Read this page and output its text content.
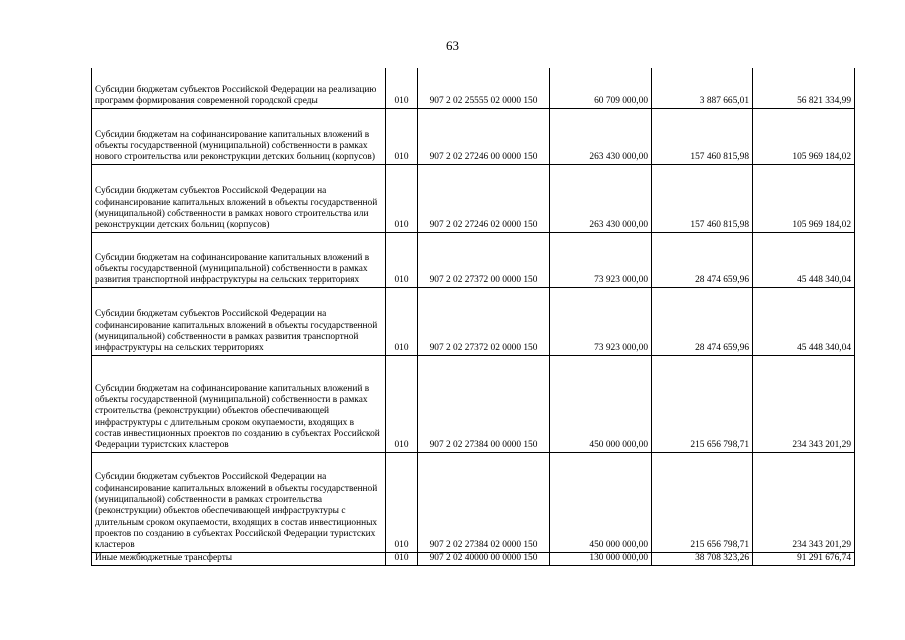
63
Субсидии бюджетам субъектов Российской Федерации на реализацию программ формирования современной городской среды	010	907 2 02 25555 02 0000 150	60 709 000,00	3 887 665,01	56 821 334,99
Субсидии бюджетам на софинансирование капитальных вложений в объекты государственной (муниципальной) собственности в рамках нового строительства или реконструкции детских больниц (корпусов)	010	907 2 02 27246 00 0000 150	263 430 000,00	157 460 815,98	105 969 184,02
Субсидии бюджетам субъектов Российской Федерации на софинансирование капитальных вложений в объекты государственной (муниципальной) собственности в рамках нового строительства или реконструкции детских больниц (корпусов)	010	907 2 02 27246 02 0000 150	263 430 000,00	157 460 815,98	105 969 184,02
Субсидии бюджетам на софинансирование капитальных вложений в объекты государственной (муниципальной) собственности в рамках развития транспортной инфраструктуры на сельских территориях	010	907 2 02 27372 00 0000 150	73 923 000,00	28 474 659,96	45 448 340,04
Субсидии бюджетам субъектов Российской Федерации на софинансирование капитальных вложений в объекты государственной (муниципальной) собственности в рамках развития транспортной инфраструктуры на сельских территориях	010	907 2 02 27372 02 0000 150	73 923 000,00	28 474 659,96	45 448 340,04
Субсидии бюджетам на софинансирование капитальных вложений в объекты государственной (муниципальной) собственности в рамках строительства (реконструкции) объектов обеспечивающей инфраструктуры с длительным сроком окупаемости, входящих в состав инвестиционных проектов по созданию в субъектах Российской Федерации туристских кластеров	010	907 2 02 27384 00 0000 150	450 000 000,00	215 656 798,71	234 343 201,29
Субсидии бюджетам субъектов Российской Федерации на софинансирование капитальных вложений в объекты государственной (муниципальной) собственности в рамках строительства (реконструкции) объектов обеспечивающей инфраструктуры с длительным сроком окупаемости, входящих в состав инвестиционных проектов по созданию в субъектах Российской Федерации туристских кластеров	010	907 2 02 27384 02 0000 150	450 000 000,00	215 656 798,71	234 343 201,29
Иные межбюджетные трансферты	010	907 2 02 40000 00 0000 150	130 000 000,00	38 708 323,26	91 291 676,74
